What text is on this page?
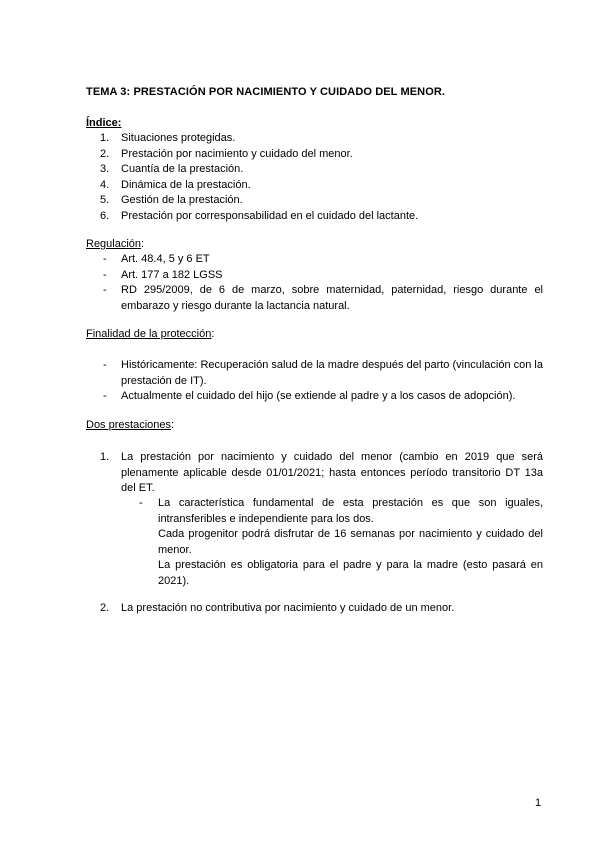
TEMA 3: PRESTACIÓN POR NACIMIENTO Y CUIDADO DEL MENOR.
Índice:
1. Situaciones protegidas.
2. Prestación por nacimiento y cuidado del menor.
3. Cuantía de la prestación.
4. Dinámica de la prestación.
5. Gestión de la prestación.
6. Prestación por corresponsabilidad en el cuidado del lactante.
Regulación:
- Art. 48.4, 5 y 6 ET
- Art. 177 a 182 LGSS
- RD 295/2009, de 6 de marzo, sobre maternidad, paternidad, riesgo durante el embarazo y riesgo durante la lactancia natural.
Finalidad de la protección:
- Históricamente: Recuperación salud de la madre después del parto (vinculación con la prestación de IT).
- Actualmente el cuidado del hijo (se extiende al padre y a los casos de adopción).
Dos prestaciones:
1. La prestación por nacimiento y cuidado del menor (cambio en 2019 que será plenamente aplicable desde 01/01/2021; hasta entonces período transitorio DT 13a del ET.
- La característica fundamental de esta prestación es que son iguales, intransferibles e independiente para los dos.
Cada progenitor podrá disfrutar de 16 semanas por nacimiento y cuidado del menor.
La prestación es obligatoria para el padre y para la madre (esto pasará en 2021).
2. La prestación no contributiva por nacimiento y cuidado de un menor.
1
